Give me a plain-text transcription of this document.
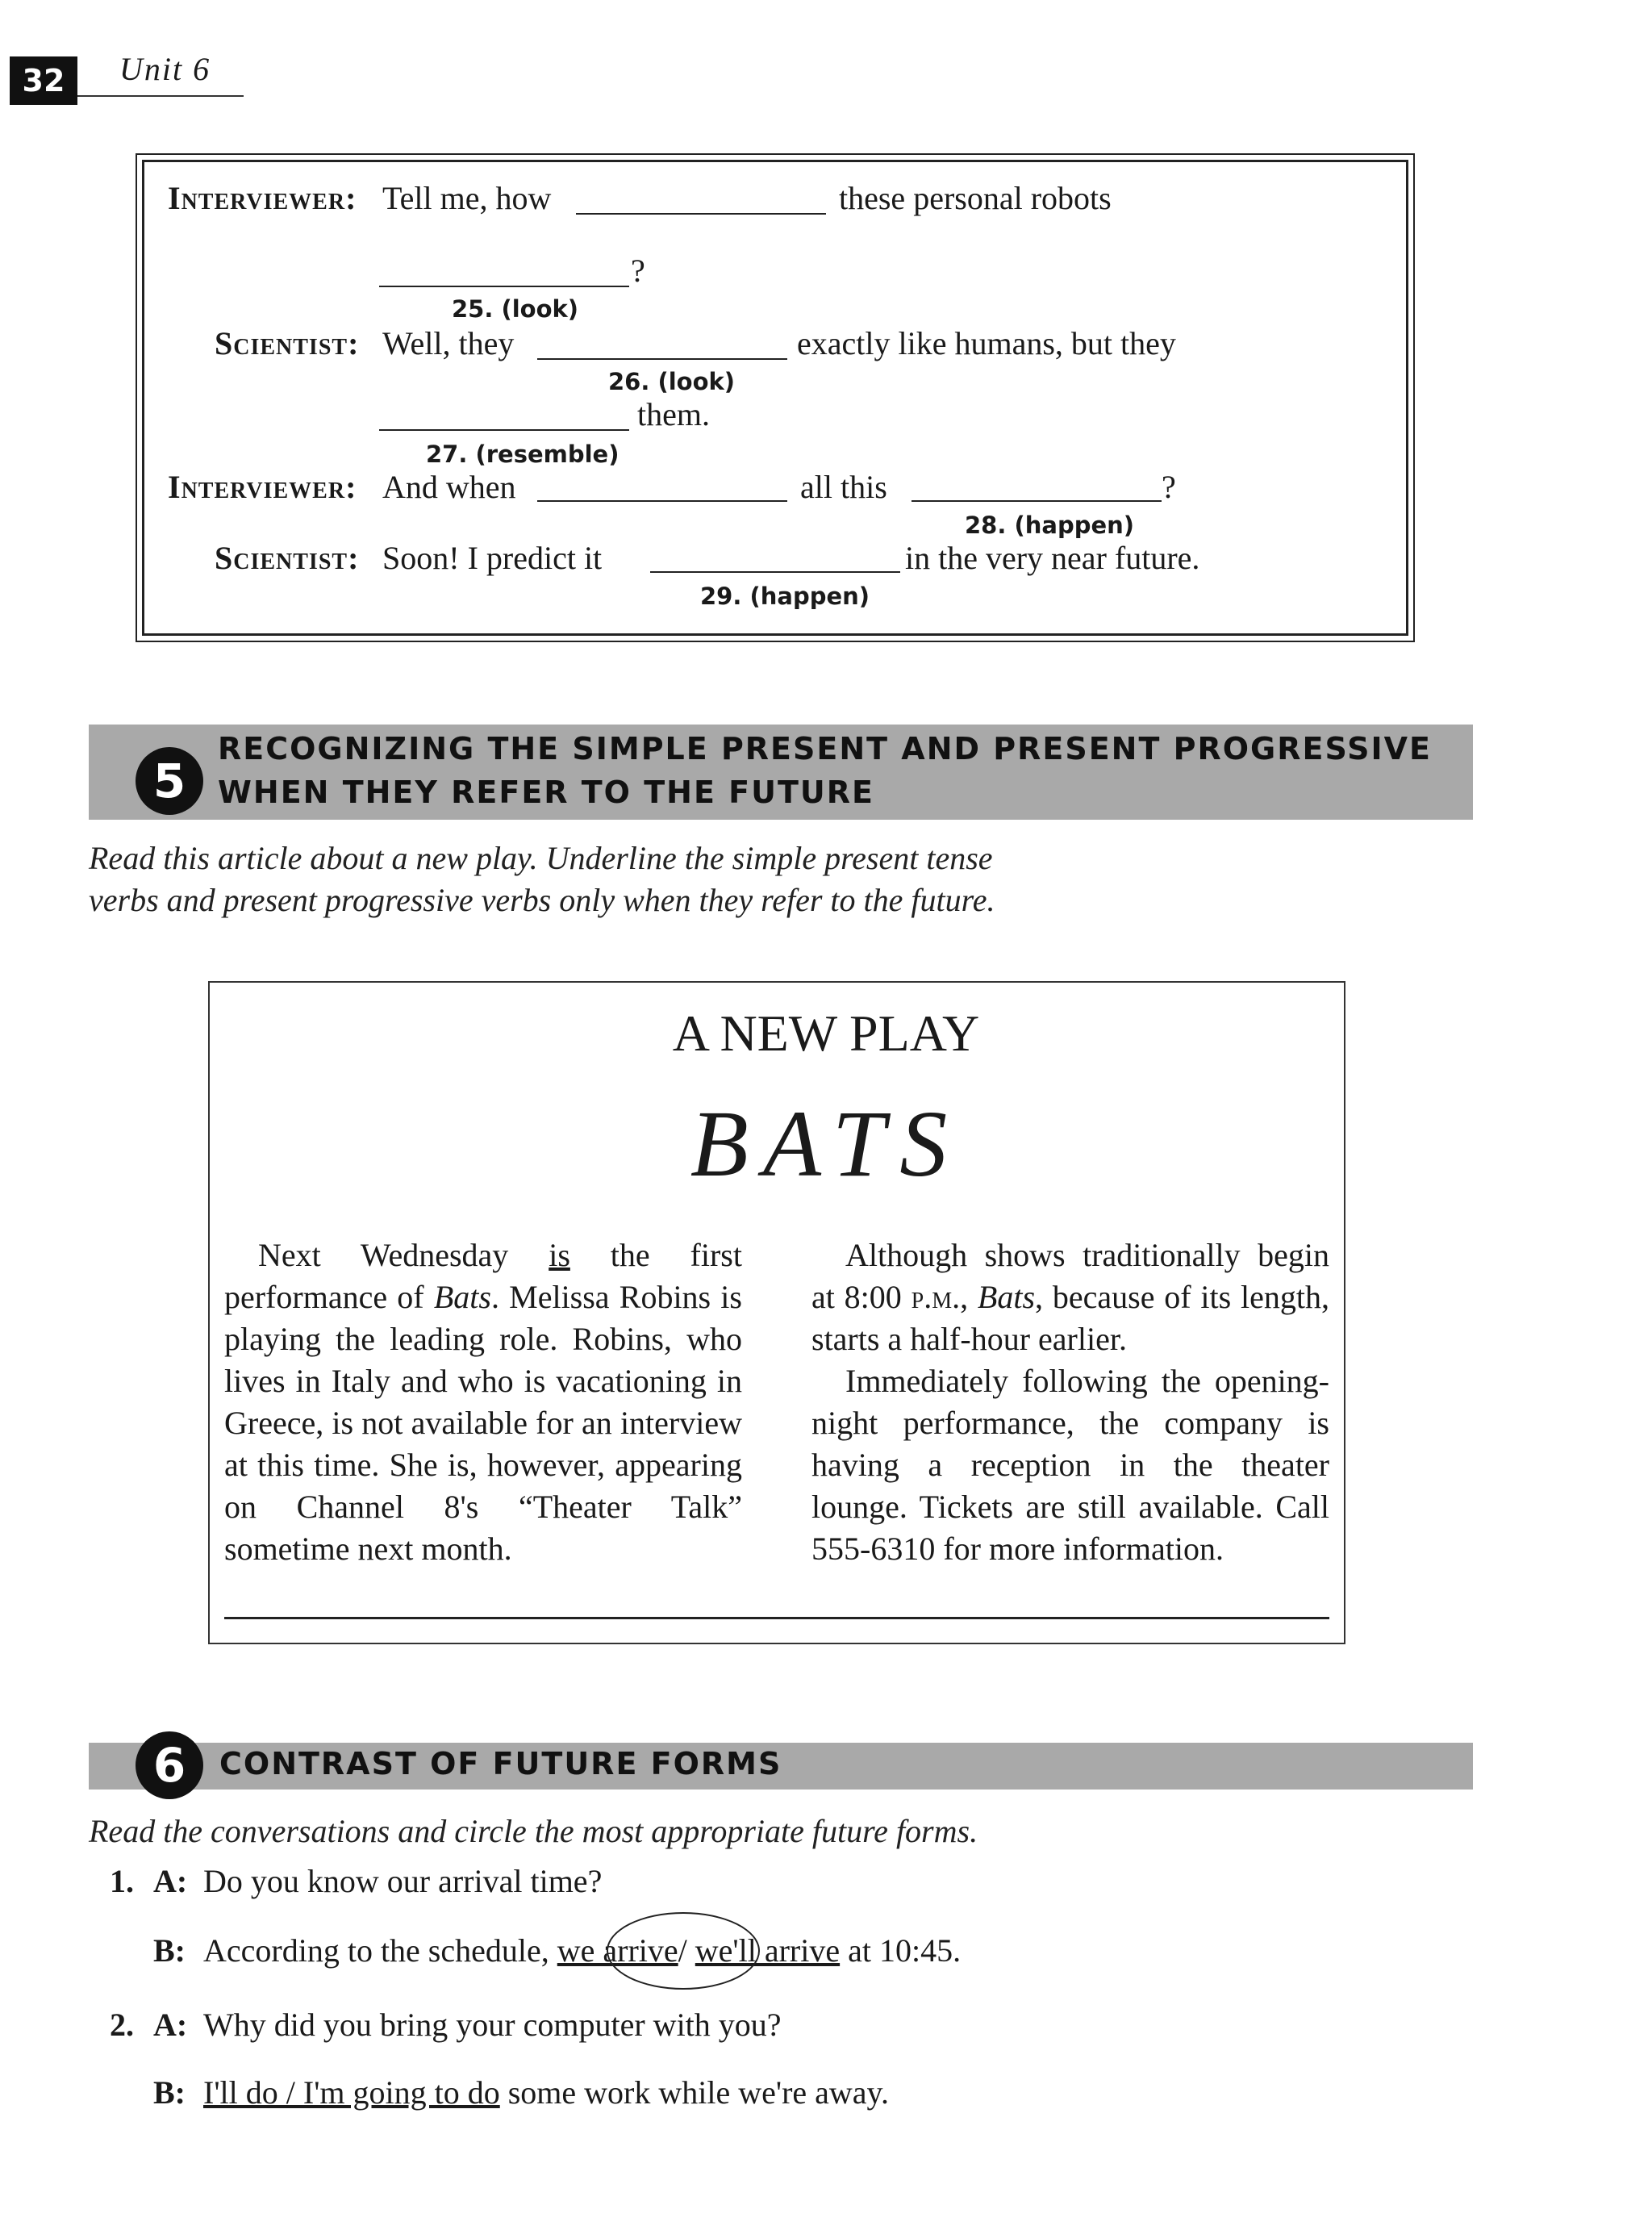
32	Unit 6
Interviewer: Tell me, how	these personal robots
?
25. (look)
Scientist: Well, they	exactly like humans, but they
26. (look)
them.
27. (resemble)
Interviewer: And when	all this	?
28. (happen)
Scientist: Soon! I predict it	in the very near future.
29. (happen)
5
RECOGNIZING THE SIMPLE PRESENT AND PRESENT PROGRESSIVE
WHEN THEY REFER TO THE FUTURE
Read this article about a new play. Underline the simple present tense
verbs and present progressive verbs only when they refer to the future.
A NEW PLAY
BATS

Next Wednesday is the first performance of Bats. Melissa Robins is playing the leading role. Robins, who lives in Italy and who is vacationing in Greece, is not available for an interview at this time. She is, however, appearing on Channel 8's “Theater Talk” sometime next month.

Although shows traditionally begin at 8:00 p.m., Bats, because of its length, starts a half-hour earlier.

Immediately following the opening-night performance, the company is having a reception in the theater lounge. Tickets are still available. Call 555-6310 for more information.

6	CONTRAST OF FUTURE FORMS
Read the conversations and circle the most appropriate future forms.
1. A: Do you know our arrival time?
B: According to the schedule, we arrive/ we'll arrive at 10:45.
2. A: Why did you bring your computer with you?
B: I'll do / I'm going to do some work while we're away.
